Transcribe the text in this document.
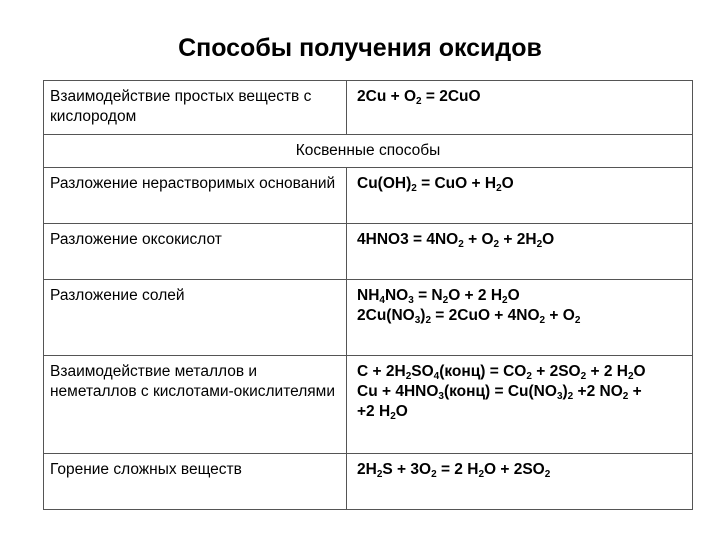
Способы получения оксидов
Взаимодействие простых веществ с кислородом	$2Cu + O_2 = 2CuO$

Косвенные способы	
Разложение нерастворимых оснований	$Cu(OH)_2$ = CuO + $H_2O$

Разложение оксокислот	$4HNO3 = 4NO_2 + O_2 + 2H_2O$

Разложение солей	$NH_4NO_3 = N_2O + 2$ $H_2O$
$2Cu(NO_3)_2 = 2CuO + 4NO_2 + O_2$

Взаимодействие металлов и неметаллов с кислотами-окислителями	$C + 2H_2SO_4(конц) = CO_2 + 2SO_2 + 2$ $H_2O$
$Cu + 4HNO_3(конц) = Cu(NO_3)_2 +2$ $NO_2$ +
+2 $H_2O$

Горение сложных веществ	$2H_2S + 3O_2 = 2$ $H_2O + 2SO_2$
